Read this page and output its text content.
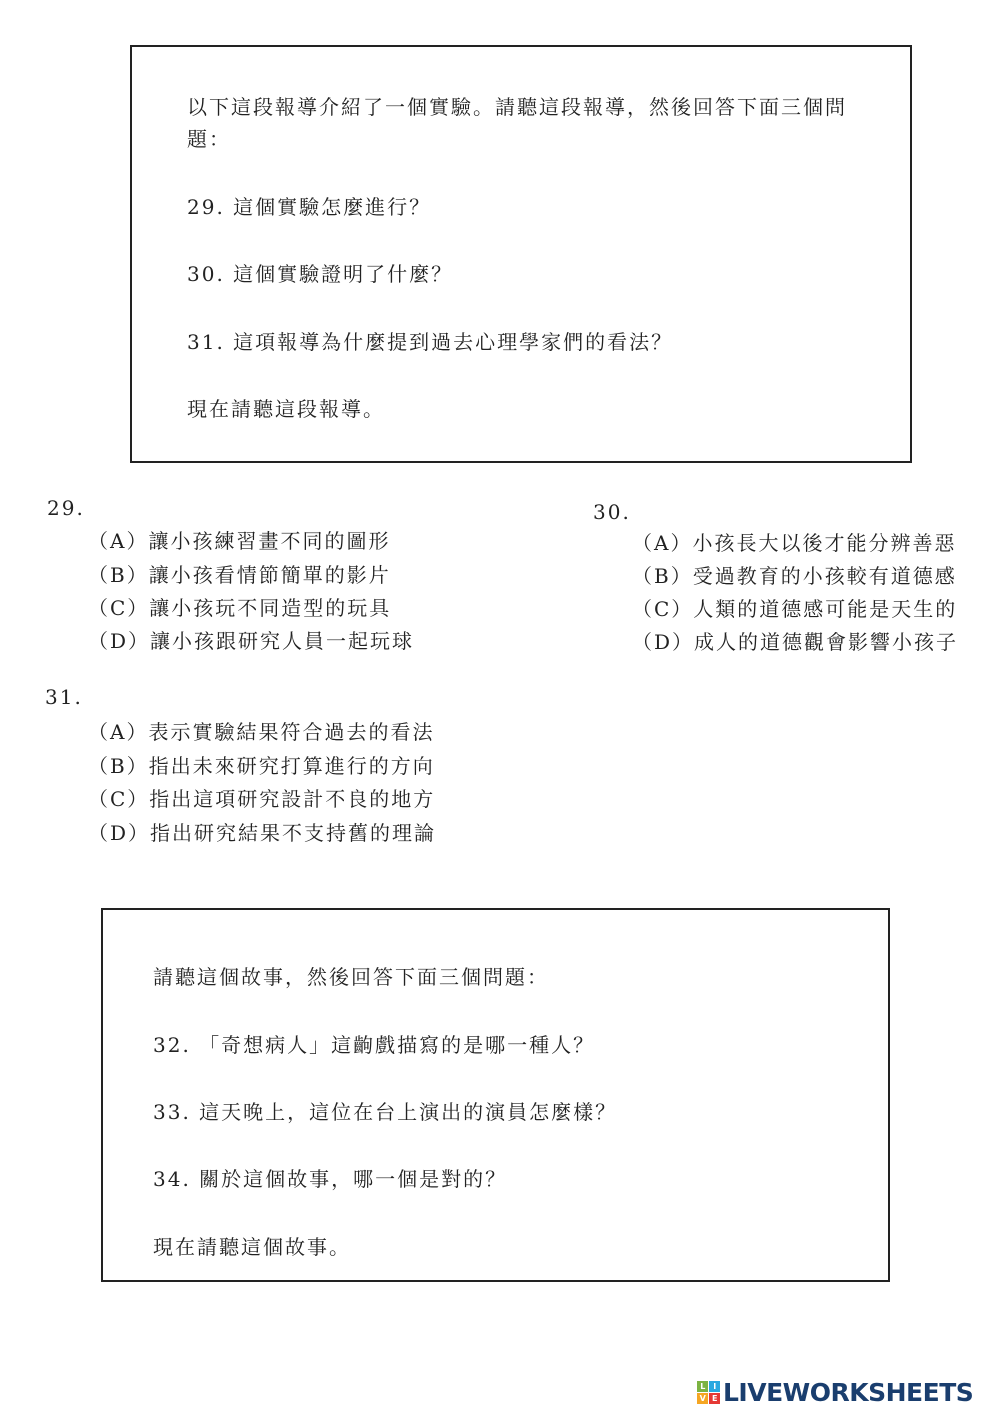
以下這段報導介紹了一個實驗。請聽這段報導，然後回答下面三個問題：
29. 這個實驗怎麼進行？
30. 這個實驗證明了什麼？
31. 這項報導為什麼提到過去心理學家們的看法？
現在請聽這段報導。
29.
（A）讓小孩練習畫不同的圖形
（B）讓小孩看情節簡單的影片
（C）讓小孩玩不同造型的玩具
（D）讓小孩跟研究人員一起玩球
30.
（A）小孩長大以後才能分辨善惡
（B）受過教育的小孩較有道德感
（C）人類的道德感可能是天生的
（D）成人的道德觀會影響小孩子
31.
（A）表示實驗結果符合過去的看法
（B）指出未來研究打算進行的方向
（C）指出這項研究設計不良的地方
（D）指出研究結果不支持舊的理論
請聽這個故事，然後回答下面三個問題：
32. 「奇想病人」這齣戲描寫的是哪一種人？
33. 這天晚上，這位在台上演出的演員怎麼樣？
34. 關於這個故事，哪一個是對的？
現在請聽這個故事。
L	I
V E LIVEWORKSHEETS
